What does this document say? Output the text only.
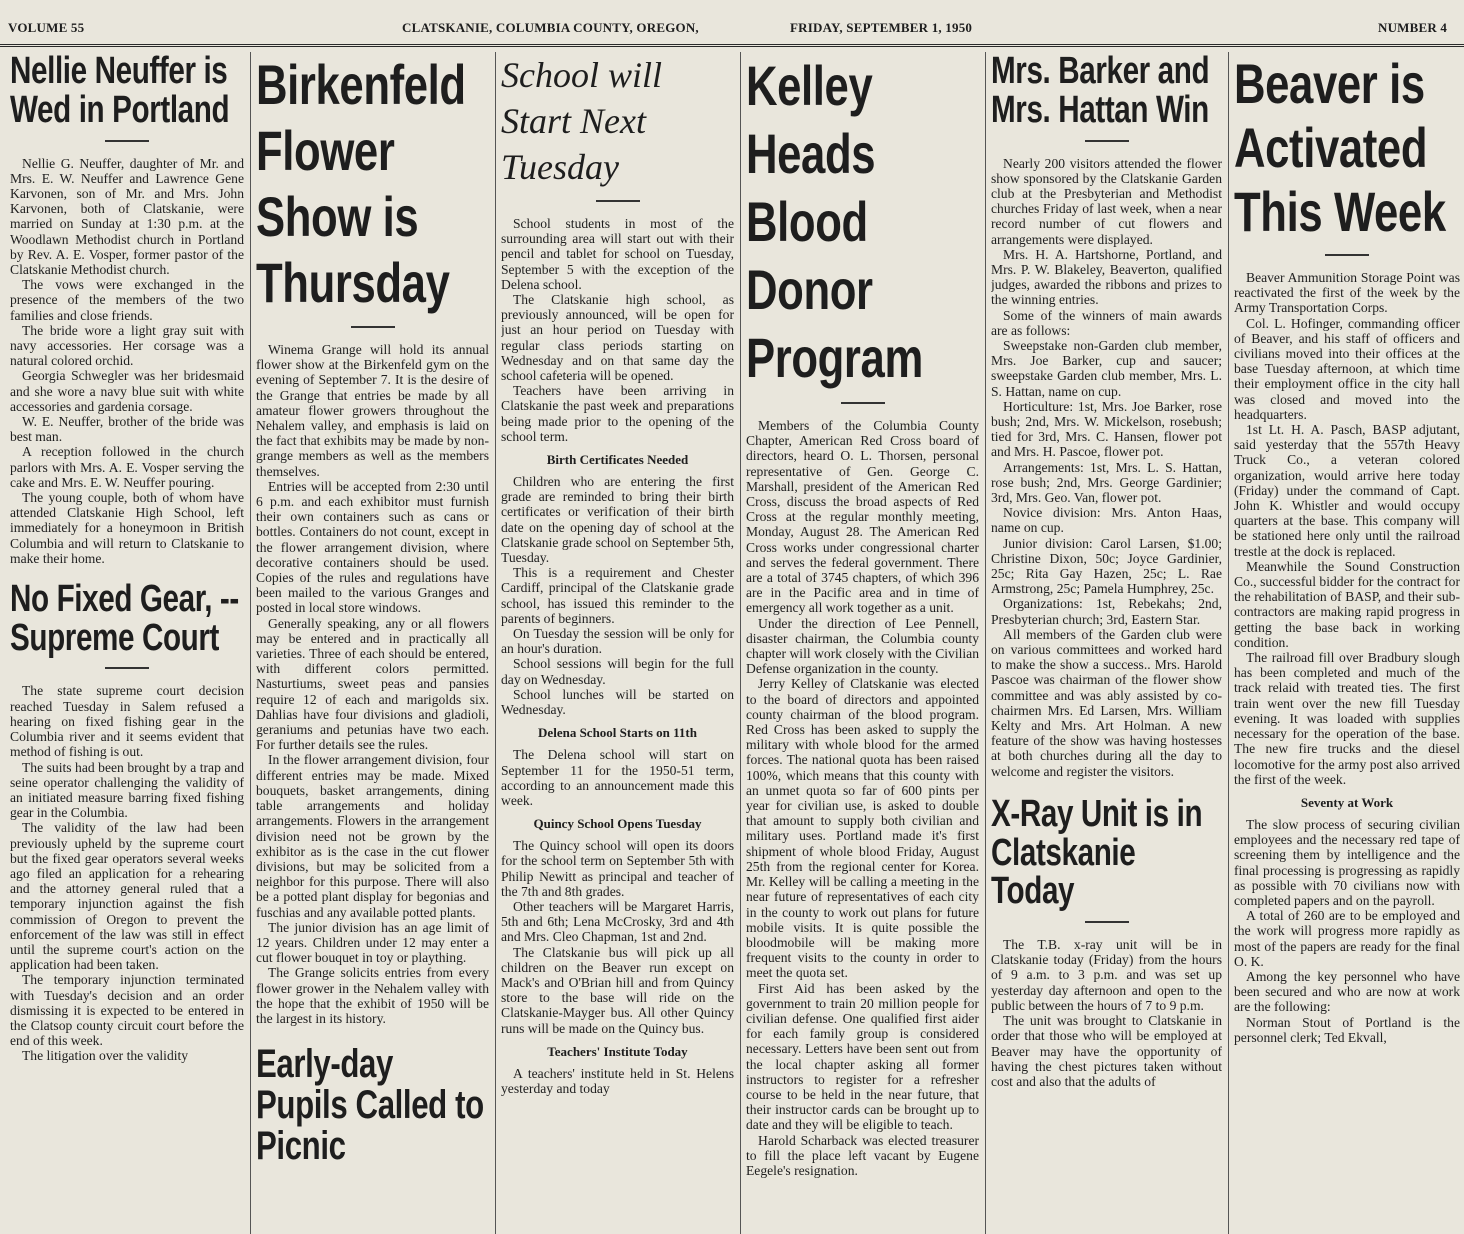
VOLUME 55	CLATSKANIE, COLUMBIA COUNTY, OREGON,	FRIDAY, SEPTEMBER 1, 1950	NUMBER 4
Nellie Neuffer is Wed in Portland

Nellie G. Neuffer, daughter of Mr. and Mrs. E. W. Neuffer and Lawrence Gene Karvonen, son of Mr. and Mrs. John Karvonen, both of Clatskanie, were married on Sunday at 1:30 p.m. at the Woodlawn Methodist church in Portland by Rev. A. E. Vosper, former pastor of the Clatskanie Methodist church.

The vows were exchanged in the presence of the members of the two families and close friends.

The bride wore a light gray suit with navy accessories. Her corsage was a natural colored orchid.

Georgia Schwegler was her bridesmaid and she wore a navy blue suit with white accessories and gardenia corsage.

W. E. Neuffer, brother of the bride was best man.

A reception followed in the church parlors with Mrs. A. E. Vosper serving the cake and Mrs. E. W. Neuffer pouring.

The young couple, both of whom have attended Clatskanie High School, left immediately for a honeymoon in British Columbia and will return to Clatskanie to make their home.

No Fixed Gear, -- Supreme Court

The state supreme court decision reached Tuesday in Salem refused a hearing on fixed fishing gear in the Columbia river and it seems evident that method of fishing is out.

The suits had been brought by a trap and seine operator challenging the validity of an initiated measure barring fixed fishing gear in the Columbia.

The validity of the law had been previously upheld by the supreme court but the fixed gear operators several weeks ago filed an application for a rehearing and the attorney general ruled that a temporary injunction against the fish commission of Oregon to prevent the enforcement of the law was still in effect until the supreme court's action on the application had been taken.

The temporary injunction terminated with Tuesday's decision and an order dismissing it is expected to be entered in the Clatsop county circuit court before the end of this week.

The litigation over the validity

Birkenfeld Flower Show is Thursday

Winema Grange will hold its annual flower show at the Birkenfeld gym on the evening of September 7. It is the desire of the Grange that entries be made by all amateur flower growers throughout the Nehalem valley, and emphasis is laid on the fact that exhibits may be made by non-grange members as well as the members themselves.

Entries will be accepted from 2:30 until 6 p.m. and each exhibitor must furnish their own containers such as cans or bottles. Containers do not count, except in the flower arrangement division, where decorative containers should be used. Copies of the rules and regulations have been mailed to the various Granges and posted in local store windows.

Generally speaking, any or all flowers may be entered and in practically all varieties. Three of each should be entered, with different colors permitted. Nasturtiums, sweet peas and pansies require 12 of each and marigolds six. Dahlias have four divisions and gladioli, geraniums and petunias have two each. For further details see the rules.

In the flower arrangement division, four different entries may be made. Mixed bouquets, basket arrangements, dining table arrangements and holiday arrangements. Flowers in the arrangement division need not be grown by the exhibitor as is the case in the cut flower divisions, but may be solicited from a neighbor for this purpose. There will also be a potted plant display for begonias and fuschias and any available potted plants.

The junior division has an age limit of 12 years. Children under 12 may enter a cut flower bouquet in toy or plaything.

The Grange solicits entries from every flower grower in the Nehalem valley with the hope that the exhibit of 1950 will be the largest in its history.

Early-day Pupils Called to Picnic
School will Start Next Tuesday

School students in most of the surrounding area will start out with their pencil and tablet for school on Tuesday, September 5 with the exception of the Delena school.

The Clatskanie high school, as previously announced, will be open for just an hour period on Tuesday with regular class periods starting on Wednesday and on that same day the school cafeteria will be opened.

Teachers have been arriving in Clatskanie the past week and preparations being made prior to the opening of the school term.

Birth Certificates Needed

Children who are entering the first grade are reminded to bring their birth certificates or verification of their birth date on the opening day of school at the Clatskanie grade school on September 5th, Tuesday.

This is a requirement and Chester Cardiff, principal of the Clatskanie grade school, has issued this reminder to the parents of beginners.

On Tuesday the session will be only for an hour's duration.

School sessions will begin for the full day on Wednesday.

School lunches will be started on Wednesday.

Delena School Starts on 11th

The Delena school will start on September 11 for the 1950-51 term, according to an announcement made this week.

Quincy School Opens Tuesday

The Quincy school will open its doors for the school term on September 5th with Philip Newitt as principal and teacher of the 7th and 8th grades.

Other teachers will be Margaret Harris, 5th and 6th; Lena McCrosky, 3rd and 4th and Mrs. Cleo Chapman, 1st and 2nd.

The Clatskanie bus will pick up all children on the Beaver run except on Mack's and O'Brian hill and from Quincy store to the base will ride on the Clatskanie-Mayger bus. All other Quincy runs will be made on the Quincy bus.

Teachers' Institute Today

A teachers' institute held in St. Helens yesterday and today

Kelley Heads Blood Donor Program

Members of the Columbia County Chapter, American Red Cross board of directors, heard O. L. Thorsen, personal representative of Gen. George C. Marshall, president of the American Red Cross, discuss the broad aspects of Red Cross at the regular monthly meeting, Monday, August 28. The American Red Cross works under congressional charter and serves the federal government. There are a total of 3745 chapters, of which 396 are in the Pacific area and in time of emergency all work together as a unit.

Under the direction of Lee Pennell, disaster chairman, the Columbia county chapter will work closely with the Civilian Defense organization in the county.

Jerry Kelley of Clatskanie was elected to the board of directors and appointed county chairman of the blood program. Red Cross has been asked to supply the military with whole blood for the armed forces. The national quota has been raised 100%, which means that this county with an unmet quota so far of 600 pints per year for civilian use, is asked to double that amount to supply both civilian and military uses. Portland made it's first shipment of whole blood Friday, August 25th from the regional center for Korea. Mr. Kelley will be calling a meeting in the near future of representatives of each city in the county to work out plans for future mobile visits. It is quite possible the bloodmobile will be making more frequent visits to the county in order to meet the quota set.

First Aid has been asked by the government to train 20 million people for civilian defense. One qualified first aider for each family group is considered necessary. Letters have been sent out from the local chapter asking all former instructors to register for a refresher course to be held in the near future, that their instructor cards can be brought up to date and they will be eligible to teach.

Harold Scharback was elected treasurer to fill the place left vacant by Eugene Eegele's resignation.

Mrs. Barker and Mrs. Hattan Win

Nearly 200 visitors attended the flower show sponsored by the Clatskanie Garden club at the Presbyterian and Methodist churches Friday of last week, when a near record number of cut flowers and arrangements were displayed.

Mrs. H. A. Hartshorne, Portland, and Mrs. P. W. Blakeley, Beaverton, qualified judges, awarded the ribbons and prizes to the winning entries.

Some of the winners of main awards are as follows:

Sweepstake non-Garden club member, Mrs. Joe Barker, cup and saucer; sweepstake Garden club member, Mrs. L. S. Hattan, name on cup.

Horticulture: 1st, Mrs. Joe Barker, rose bush; 2nd, Mrs. W. Mickelson, rosebush; tied for 3rd, Mrs. C. Hansen, flower pot and Mrs. H. Pascoe, flower pot.

Arrangements: 1st, Mrs. L. S. Hattan, rose bush; 2nd, Mrs. George Gardinier; 3rd, Mrs. Geo. Van, flower pot.

Novice division: Mrs. Anton Haas, name on cup.

Junior division: Carol Larsen, $1.00; Christine Dixon, 50c; Joyce Gardinier, 25c; Rita Gay Hazen, 25c; L. Rae Armstrong, 25c; Pamela Humphrey, 25c.

Organizations: 1st, Rebekahs; 2nd, Presbyterian church; 3rd, Eastern Star.

All members of the Garden club were on various committees and worked hard to make the show a success.. Mrs. Harold Pascoe was chairman of the flower show committee and was ably assisted by co-chairmen Mrs. Ed Larsen, Mrs. William Kelty and Mrs. Art Holman. A new feature of the show was having hostesses at both churches during all the day to welcome and register the visitors.

X-Ray Unit is in Clatskanie Today

The T.B. x-ray unit will be in Clatskanie today (Friday) from the hours of 9 a.m. to 3 p.m. and was set up yesterday day afternoon and open to the public between the hours of 7 to 9 p.m.

The unit was brought to Clatskanie in order that those who will be employed at Beaver may have the opportunity of having the chest pictures taken without cost and also that the adults of

Beaver is Activated This Week

Beaver Ammunition Storage Point was reactivated the first of the week by the Army Transportation Corps.

Col. L. Hofinger, commanding officer of Beaver, and his staff of officers and civilians moved into their offices at the base Tuesday afternoon, at which time their employment office in the city hall was closed and moved into the headquarters.

1st Lt. H. A. Pasch, BASP adjutant, said yesterday that the 557th Heavy Truck Co., a veteran colored organization, would arrive here today (Friday) under the command of Capt. John K. Whistler and would occupy quarters at the base. This company will be stationed here only until the railroad trestle at the dock is replaced.

Meanwhile the Sound Construction Co., successful bidder for the contract for the rehabilitation of BASP, and their sub-contractors are making rapid progress in getting the base back in working condition.

The railroad fill over Bradbury slough has been completed and much of the track relaid with treated ties. The first train went over the new fill Tuesday evening. It was loaded with supplies necessary for the operation of the base. The new fire trucks and the diesel locomotive for the army post also arrived the first of the week.

Seventy at Work

The slow process of securing civilian employees and the necessary red tape of screening them by intelligence and the final processing is progressing as rapidly as possible with 70 civilians now with completed papers and on the payroll.

A total of 260 are to be employed and the work will progress more rapidly as most of the papers are ready for the final O. K.

Among the key personnel who have been secured and who are now at work are the following:

Norman Stout of Portland is the personnel clerk; Ted Ekvall,
